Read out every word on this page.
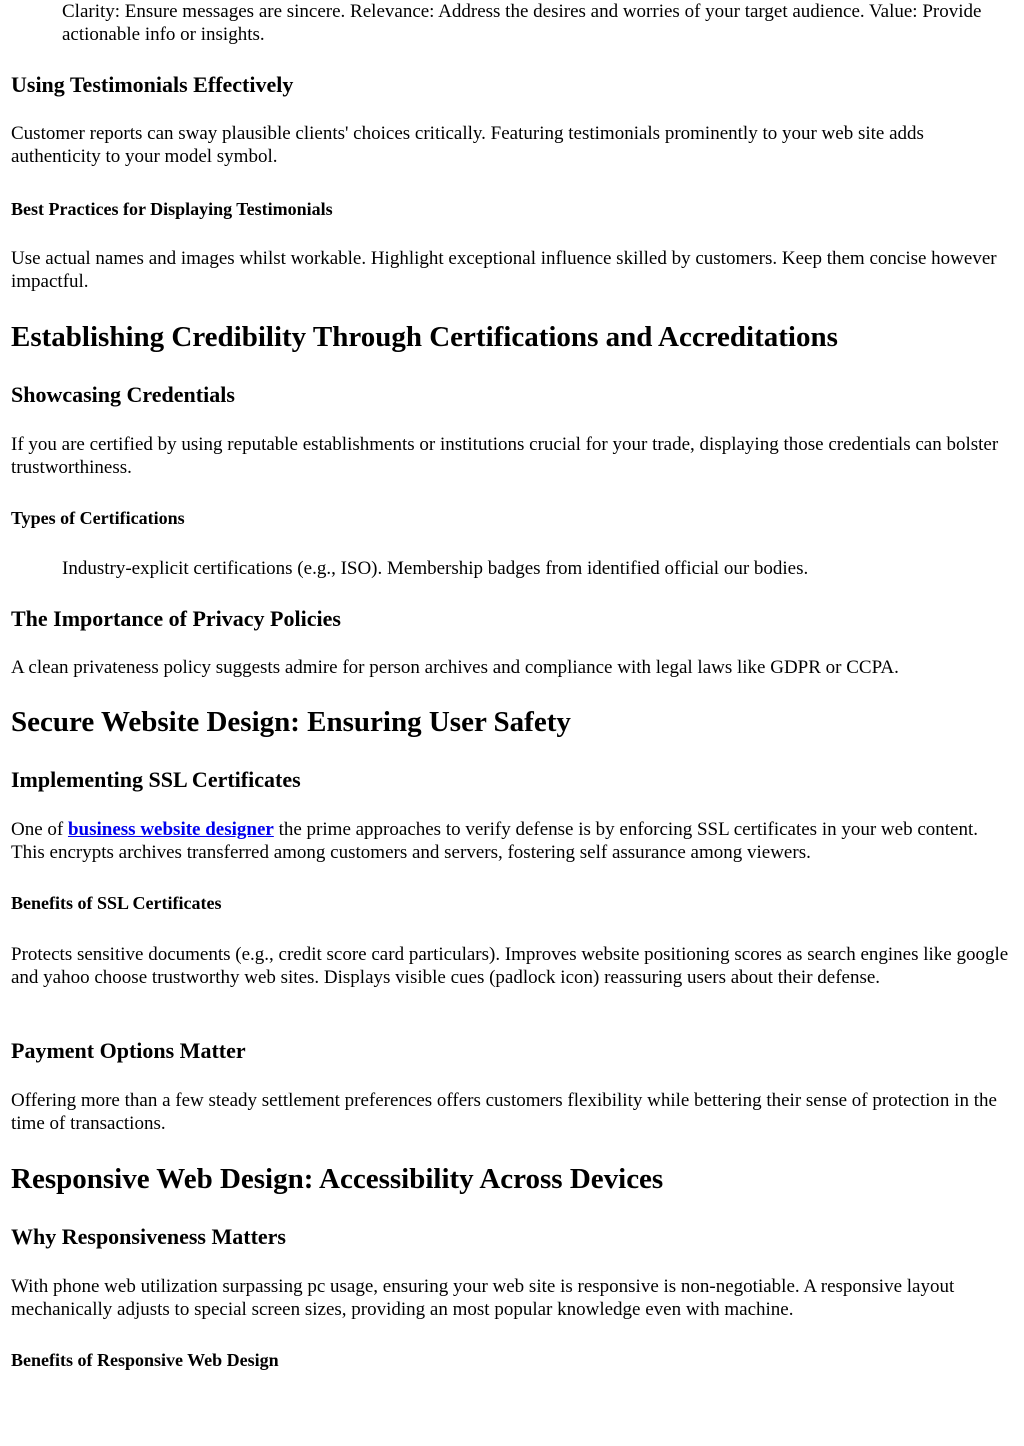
Clarity: Ensure messages are sincere. Relevance: Address the desires and worries of your target audience. Value: Provide actionable info or insights.

Using Testimonials Effectively

Customer reports can sway plausible clients' choices critically. Featuring testimonials prominently to your web site adds authenticity to your model symbol.

Best Practices for Displaying Testimonials

Use actual names and images whilst workable. Highlight exceptional influence skilled by customers. Keep them concise however impactful.

Establishing Credibility Through Certifications and Accreditations
Showcasing Credentials

If you are certified by using reputable establishments or institutions crucial for your trade, displaying those credentials can bolster trustworthiness.

Types of Certifications

Industry-explicit certifications (e.g., ISO). Membership badges from identified official our bodies.

The Importance of Privacy Policies

A clean privateness policy suggests admire for person archives and compliance with legal laws like GDPR or CCPA.

Secure Website Design: Ensuring User Safety
Implementing SSL Certificates

One of business website designer the prime approaches to verify defense is by enforcing SSL certificates in your web content. This encrypts archives transferred among customers and servers, fostering self assurance among viewers.

Benefits of SSL Certificates

Protects sensitive documents (e.g., credit score card particulars). Improves website positioning scores as search engines like google and yahoo choose trustworthy web sites. Displays visible cues (padlock icon) reassuring users about their defense.

Payment Options Matter

Offering more than a few steady settlement preferences offers customers flexibility while bettering their sense of protection in the time of transactions.

Responsive Web Design: Accessibility Across Devices
Why Responsiveness Matters

With phone web utilization surpassing pc usage, ensuring your web site is responsive is non-negotiable. A responsive layout mechanically adjusts to special screen sizes, providing an most popular knowledge even with machine.

Benefits of Responsive Web Design
